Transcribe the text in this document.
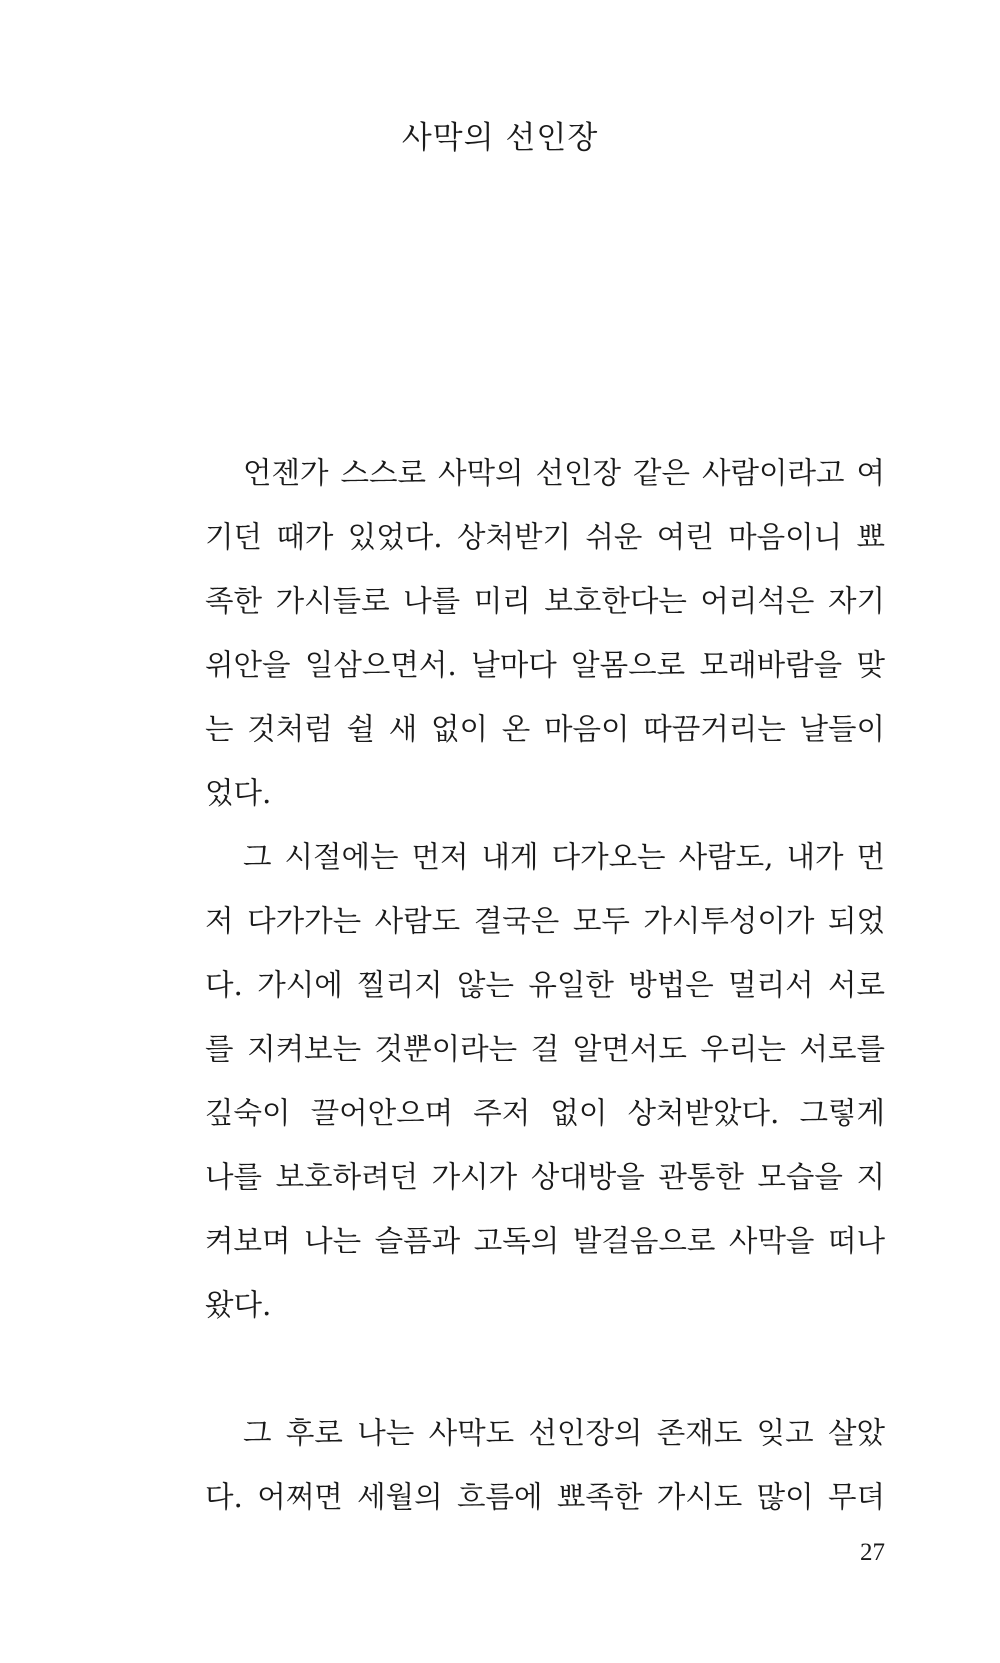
사막의 선인장
언젠가 스스로 사막의 선인장 같은 사람이라고 여
기던 때가 있었다. 상처받기 쉬운 여린 마음이니 뾰
족한 가시들로 나를 미리 보호한다는 어리석은 자기
위안을 일삼으면서. 날마다 알몸으로 모래바람을 맞
는 것처럼 쉴 새 없이 온 마음이 따끔거리는 날들이
었다.
그 시절에는 먼저 내게 다가오는 사람도, 내가 먼
저 다가가는 사람도 결국은 모두 가시투성이가 되었
다. 가시에 찔리지 않는 유일한 방법은 멀리서 서로
를 지켜보는 것뿐이라는 걸 알면서도 우리는 서로를
깊숙이 끌어안으며 주저 없이 상처받았다. 그렇게
나를 보호하려던 가시가 상대방을 관통한 모습을 지
켜보며 나는 슬픔과 고독의 발걸음으로 사막을 떠나
왔다.
그 후로 나는 사막도 선인장의 존재도 잊고 살았
다. 어쩌면 세월의 흐름에 뾰족한 가시도 많이 무뎌
27
